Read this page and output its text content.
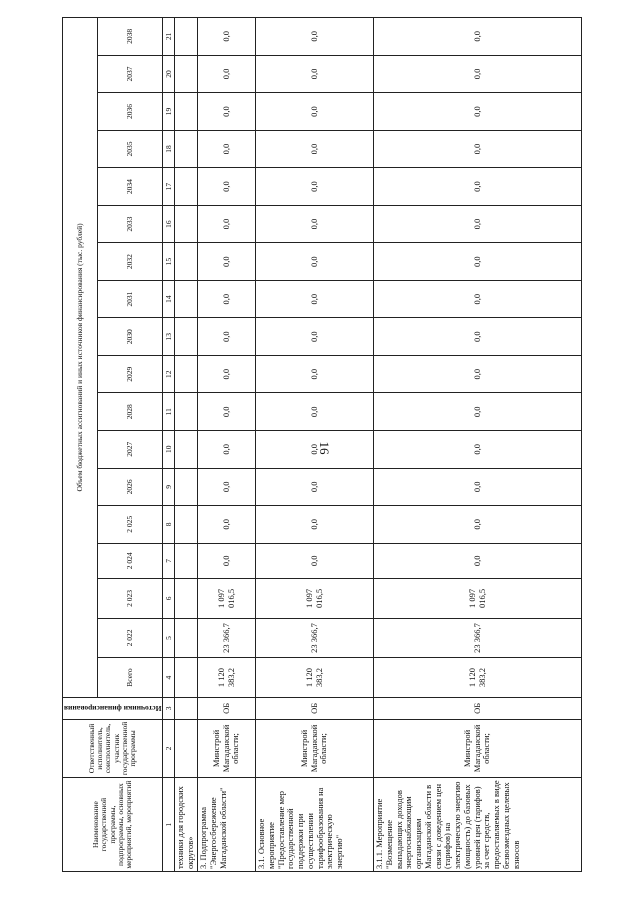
16
Наименование государственной программы, подпрограммы, основных мероприятий, мероприятий	Ответственный исполнитель, соисполнитель, участник государственной программы	Источники финансирования	Объем бюджетных ассигнований и иных источников финансирования (тыс. рублей)																	
			Всего	2 022	2 023	2 024	2 025	2026	2027	2028	2029	2030	2031	2032	2033	2034	2035	2036	2037	2038
1	2	3	4	5	6	7	8	9	10	11	12	13	14	15	16	17	18	19	20	21
техники для городских округов»																				
3. Подпрограмма "Энергосбережение Магаданской области"	Минстрой Магаданской области;	ОБ	1 120 383,2	23 366,7	1 097 016,5	0,0	0,0	0,0	0,0	0,0	0,0	0,0	0,0	0,0	0,0	0,0	0,0	0,0	0,0	0,0
3.1. Основное мероприятие "Предоставление мер государственной поддержки при осуществлении тарифообразования на электрическую энергию"	Минстрой Магаданской области;	ОБ	1 120 383,2	23 366,7	1 097 016,5	0,0	0,0	0,0	0,0	0,0	0,0	0,0	0,0	0,0	0,0	0,0	0,0	0,0	0,0	0,0
3.1.1. Мероприятие "Возмещение выпадающих доходов энергоснабжающим организациям Магаданской области в связи с доведением цен (тарифов) на электрическую энергию (мощность) до базовых уровней цен (тарифов) за счет средств, предоставляемых в виде безвозмездных целевых взносов	Минстрой Магаданской области;	ОБ	1 120 383,2	23 366,7	1 097 016,5	0,0	0,0	0,0	0,0	0,0	0,0	0,0	0,0	0,0	0,0	0,0	0,0	0,0	0,0	0,0
